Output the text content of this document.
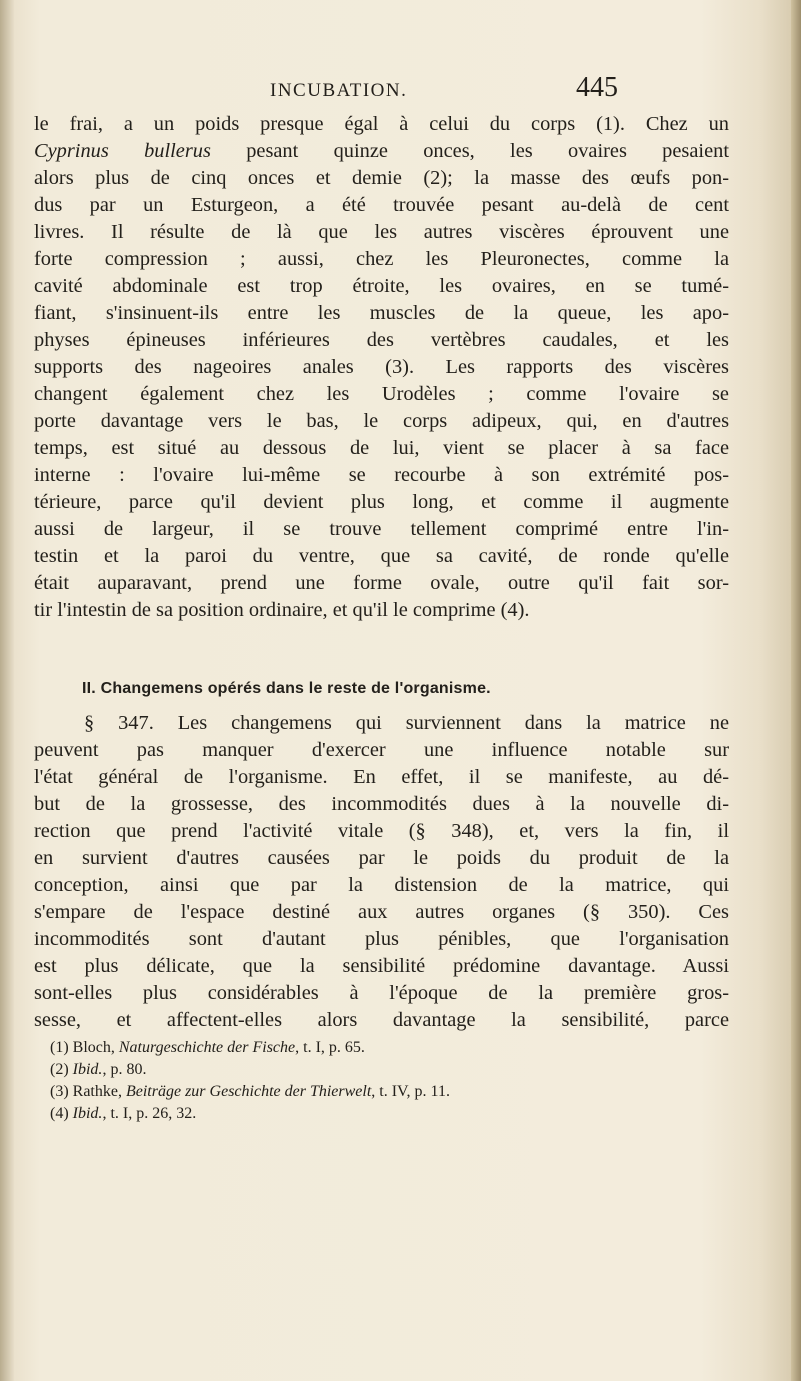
INCUBATION.	445
le frai, a un poids presque égal à celui du corps (1). Chez un
Cyprinus bullerus pesant quinze onces, les ovaires pesaient
alors plus de cinq onces et demie (2); la masse des œufs pon-
dus par un Esturgeon, a été trouvée pesant au-delà de cent
livres. Il résulte de là que les autres viscères éprouvent une
forte compression ; aussi, chez les Pleuronectes, comme la
cavité abdominale est trop étroite, les ovaires, en se tumé-
fiant, s'insinuent-ils entre les muscles de la queue, les apo-
physes épineuses inférieures des vertèbres caudales, et les
supports des nageoires anales (3). Les rapports des viscères
changent également chez les Urodèles ; comme l'ovaire se
porte davantage vers le bas, le corps adipeux, qui, en d'autres
temps, est situé au dessous de lui, vient se placer à sa face
interne : l'ovaire lui-même se recourbe à son extrémité pos-
térieure, parce qu'il devient plus long, et comme il augmente
aussi de largeur, il se trouve tellement comprimé entre l'in-
testin et la paroi du ventre, que sa cavité, de ronde qu'elle
était auparavant, prend une forme ovale, outre qu'il fait sor-
tir l'intestin de sa position ordinaire, et qu'il le comprime (4).
II. Changemens opérés dans le reste de l'organisme.
§ 347. Les changemens qui surviennent dans la matrice ne
peuvent pas manquer d'exercer une influence notable sur
l'état général de l'organisme. En effet, il se manifeste, au dé-
but de la grossesse, des incommodités dues à la nouvelle di-
rection que prend l'activité vitale (§ 348), et, vers la fin, il
en survient d'autres causées par le poids du produit de la
conception, ainsi que par la distension de la matrice, qui
s'empare de l'espace destiné aux autres organes (§ 350). Ces
incommodités sont d'autant plus pénibles, que l'organisation
est plus délicate, que la sensibilité prédomine davantage. Aussi
sont-elles plus considérables à l'époque de la première gros-
sesse, et affectent-elles alors davantage la sensibilité, parce
(1) Bloch, Naturgeschichte der Fische, t. I, p. 65.
(2) Ibid., p. 80.
(3) Rathke, Beiträge zur Geschichte der Thierwelt, t. IV, p. 11.
(4) Ibid., t. I, p. 26, 32.
